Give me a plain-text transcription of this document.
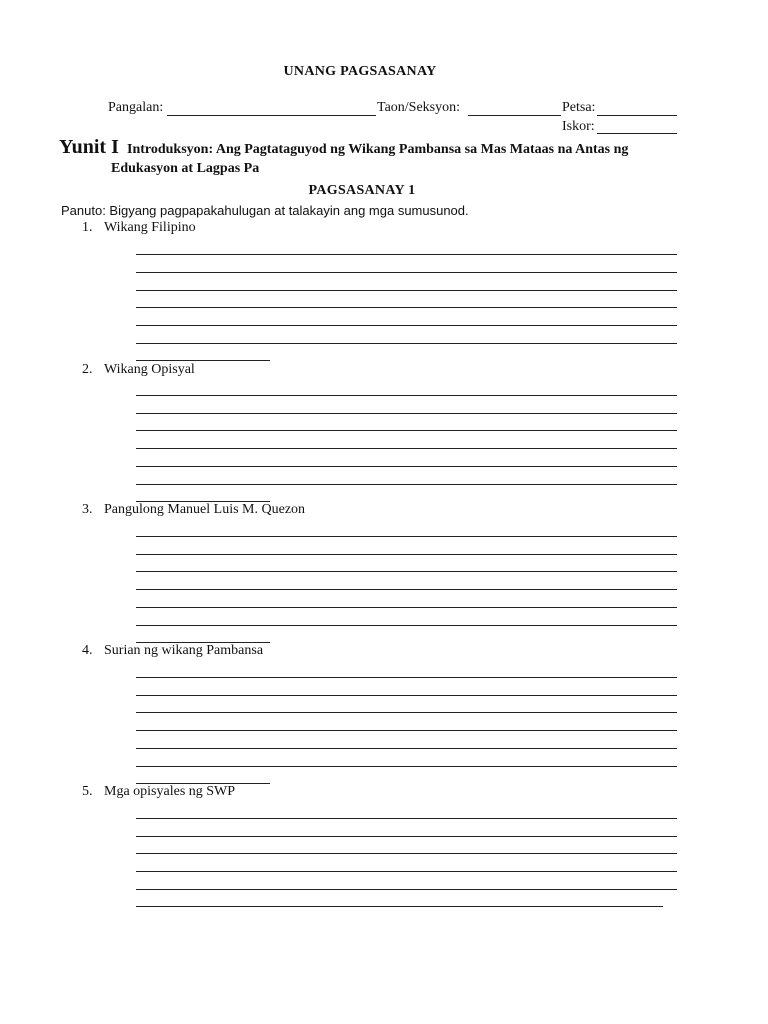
UNANG PAGSASANAY
Pangalan:	Taon/Seksyon:	Petsa:
Iskor:
Yunit I Introduksyon: Ang Pagtataguyod ng Wikang Pambansa sa Mas Mataas na Antas ng
Edukasyon at Lagpas Pa
PAGSASANAY 1
Panuto: Bigyang pagpapakahulugan at talakayin ang mga sumusunod.
1. Wikang Filipino
2. Wikang Opisyal
3. Pangulong Manuel Luis M. Quezon
4. Surian ng wikang Pambansa
5. Mga opisyales ng SWP
